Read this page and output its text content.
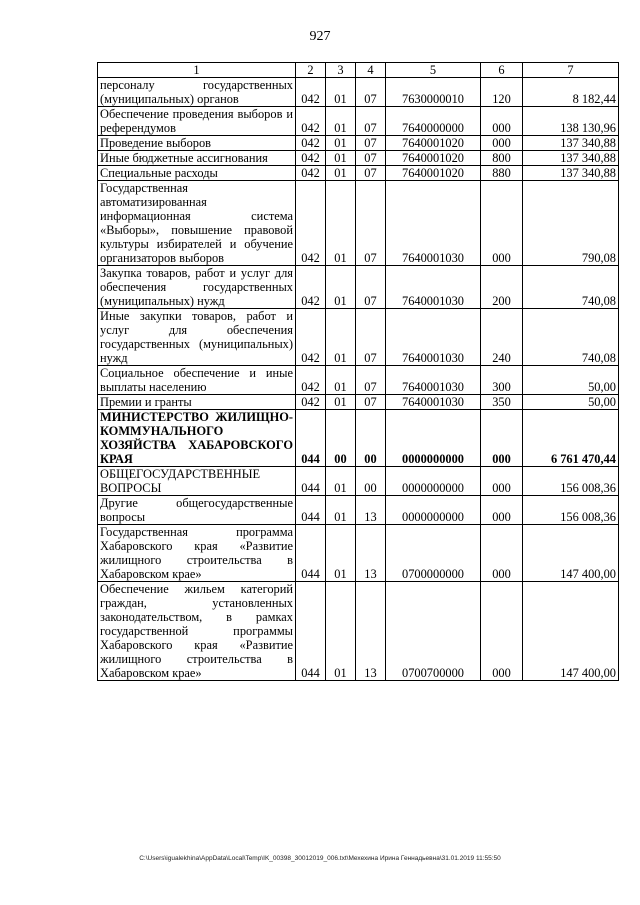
927
1	2	3	4	5	6	7
персоналу государственных (муниципальных) органов	042	01	07	7630000010	120	8 182,44
Обеспечение проведения выборов и референдумов	042	01	07	7640000000	000	138 130,96
Проведение выборов	042	01	07	7640001020	000	137 340,88
Иные бюджетные ассигнования	042	01	07	7640001020	800	137 340,88
Специальные расходы	042	01	07	7640001020	880	137 340,88
Государственная автоматизированная информационная система «Выборы», повышение правовой культуры избирателей и обучение организаторов выборов	042	01	07	7640001030	000	790,08
Закупка товаров, работ и услуг для обеспечения государственных (муниципальных) нужд	042	01	07	7640001030	200	740,08
Иные закупки товаров, работ и услуг для обеспечения государственных (муниципальных) нужд	042	01	07	7640001030	240	740,08
Социальное обеспечение и иные выплаты населению	042	01	07	7640001030	300	50,00
Премии и гранты	042	01	07	7640001030	350	50,00
МИНИСТЕРСТВО ЖИЛИЩНО-КОММУНАЛЬНОГО ХОЗЯЙСТВА ХАБАРОВСКОГО КРАЯ	044	00	00	0000000000	000	6 761 470,44
ОБЩЕГОСУДАРСТВЕННЫЕ ВОПРОСЫ	044	01	00	0000000000	000	156 008,36
Другие общегосударственные вопросы	044	01	13	0000000000	000	156 008,36
Государственная программа Хабаровского края «Развитие жилищного строительства в Хабаровском крае»	044	01	13	0700000000	000	147 400,00
Обеспечение жильем категорий граждан, установленных законодательством, в рамках государственной программы Хабаровского края «Развитие жилищного строительства в Хабаровском крае»	044	01	13	0700700000	000	147 400,00
C:\Users\igualekhina\AppData\Local\Temp\IK_00398_30012019_006.txt\Мехехина Ирина Геннадьевна\31.01.2019 11:55:50
